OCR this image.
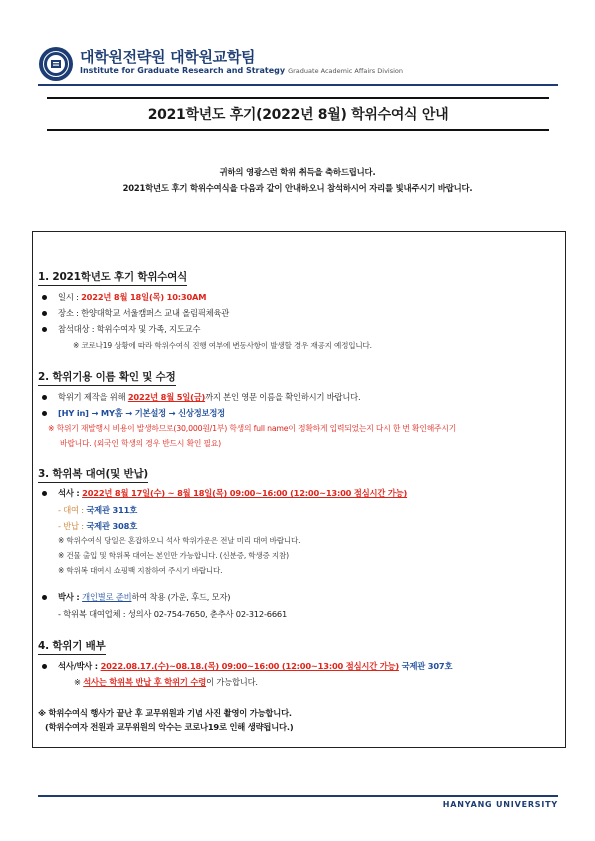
대학원전략원 대학원교학팀
Institute for Graduate Research and Strategy Graduate Academic Affairs Division
2021학년도 후기(2022년 8월) 학위수여식 안내
귀하의 영광스런 학위 취득을 축하드립니다.
2021학년도 후기 학위수여식을 다음과 같이 안내하오니 참석하시어 자리를 빛내주시기 바랍니다.
1. 2021학년도 후기 학위수여식
일시 : 2022년 8월 18일(목) 10:30AM
장소 : 한양대학교 서울캠퍼스 교내 올림픽체육관
참석대상 : 학위수여자 및 가족, 지도교수
※ 코로나19 상황에 따라 학위수여식 진행 여부에 변동사항이 발생할 경우 재공지 예정입니다.
2. 학위기용 이름 확인 및 수정
학위기 제작을 위해 2022년 8월 5일(금)까지 본인 영문 이름을 확인하시기 바랍니다.
[HY in] → MY홈 → 기본설정 → 신상정보정정
※ 학위기 재발행시 비용이 발생하므로(30,000원/1부) 학생의 full name이 정확하게 입력되었는지 다시 한 번 확인해주시기
바랍니다. (외국인 학생의 경우 반드시 확인 필요)
3. 학위복 대여(및 반납)
석사 : 2022년 8월 17일(수) ~ 8월 18일(목) 09:00~16:00 (12:00~13:00 점심시간 가능)
- 대여 : 국제관 311호
- 반납 : 국제관 308호
※ 학위수여식 당일은 혼잡하오니 석사 학위가운은 전날 미리 대여 바랍니다.
※ 건물 출입 및 학위복 대여는 본인만 가능합니다. (신분증, 학생증 지참)
※ 학위복 대여시 쇼핑백 지참하여 주시기 바랍니다.
박사 : 개인별로 준비하여 착용 (가운, 후드, 모자)
- 학위복 대여업체 : 성의사 02-754-7650, 춘추사 02-312-6661
4. 학위기 배부
석사/박사 : 2022.08.17.(수)~08.18.(목) 09:00~16:00 (12:00~13:00 점심시간 가능) 국제관 307호
※ 석사는 학위복 반납 후 학위기 수령이 가능합니다.
※ 학위수여식 행사가 끝난 후 교무위원과 기념 사진 촬영이 가능합니다.
(학위수여자 전원과 교무위원의 악수는 코로나19로 인해 생략됩니다.)
HANYANG UNIVERSITY
